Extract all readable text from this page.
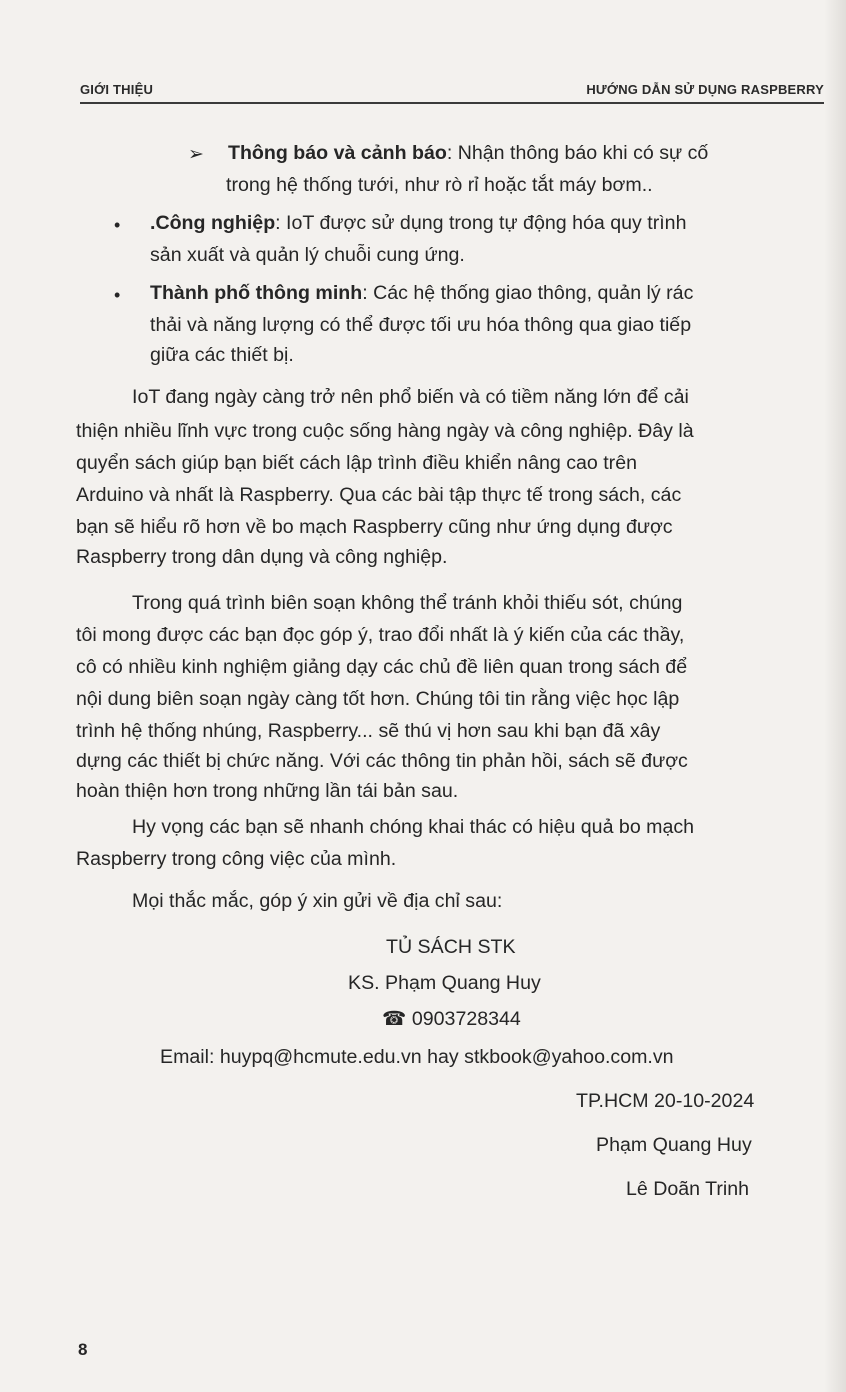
GIỚI THIỆU	HƯỚNG DẪN SỬ DỤNG RASPBERRY
➢ Thông báo và cảnh báo: Nhận thông báo khi có sự cố
trong hệ thống tưới, như rò rỉ hoặc tắt máy bơm..
• .Công nghiệp: IoT được sử dụng trong tự động hóa quy trình
sản xuất và quản lý chuỗi cung ứng.
• Thành phố thông minh: Các hệ thống giao thông, quản lý rác
thải và năng lượng có thể được tối ưu hóa thông qua giao tiếp
giữa các thiết bị.
IoT đang ngày càng trở nên phổ biến và có tiềm năng lớn để cải
thiện nhiều lĩnh vực trong cuộc sống hàng ngày và công nghiệp. Đây là
quyển sách giúp bạn biết cách lập trình điều khiển nâng cao trên
Arduino và nhất là Raspberry. Qua các bài tập thực tế trong sách, các
bạn sẽ hiểu rõ hơn về bo mạch Raspberry cũng như ứng dụng được
Raspberry trong dân dụng và công nghiệp.
Trong quá trình biên soạn không thể tránh khỏi thiếu sót, chúng
tôi mong được các bạn đọc góp ý, trao đổi nhất là ý kiến của các thầy,
cô có nhiều kinh nghiệm giảng dạy các chủ đề liên quan trong sách để
nội dung biên soạn ngày càng tốt hơn. Chúng tôi tin rằng việc học lập
trình hệ thống nhúng, Raspberry... sẽ thú vị hơn sau khi bạn đã xây
dựng các thiết bị chức năng. Với các thông tin phản hồi, sách sẽ được
hoàn thiện hơn trong những lần tái bản sau.
Hy vọng các bạn sẽ nhanh chóng khai thác có hiệu quả bo mạch
Raspberry trong công việc của mình.
Mọi thắc mắc, góp ý xin gửi về địa chỉ sau:
TỦ SÁCH STK
KS. Phạm Quang Huy
☎ 0903728344
Email: huypq@hcmute.edu.vn hay stkbook@yahoo.com.vn
TP.HCM 20-10-2024
Phạm Quang Huy
Lê Doãn Trinh
8
